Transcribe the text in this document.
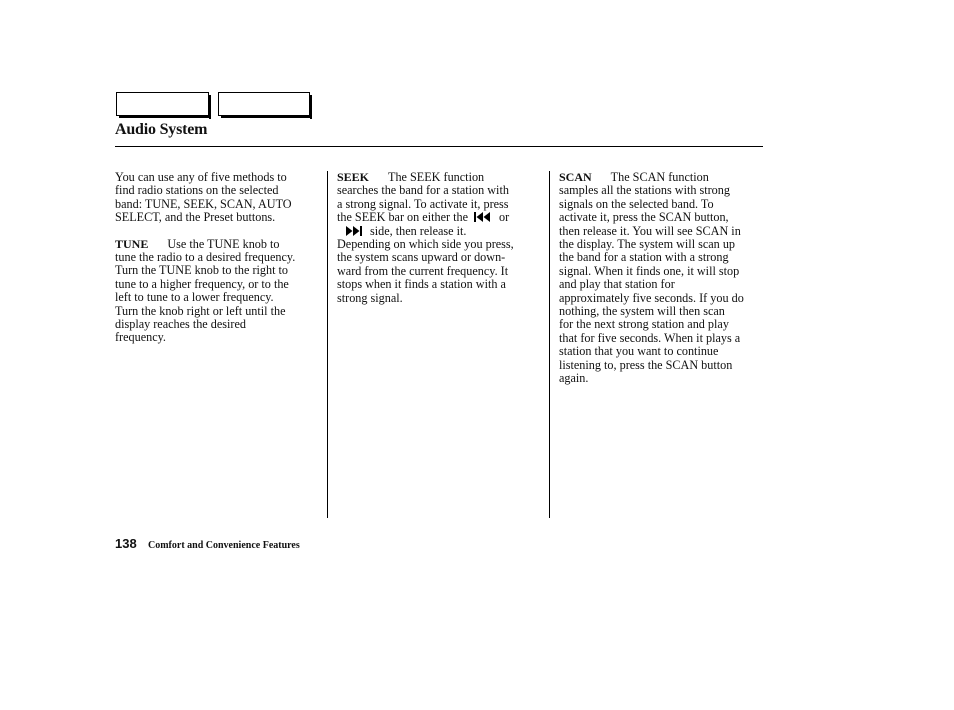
Audio System
You can use any of five methods to
find radio stations on the selected
band: TUNE, SEEK, SCAN, AUTO
SELECT, and the Preset buttons.
TUNE Use the TUNE knob to
tune the radio to a desired frequency.
Turn the TUNE knob to the right to
tune to a higher frequency, or to the
left to tune to a lower frequency.
Turn the knob right or left until the
display reaches the desired
frequency.
SEEK The SEEK function
searches the band for a station with
a strong signal. To activate it, press
the SEEK bar on either the	or
side, then release it.
Depending on which side you press,
the system scans upward or down-
ward from the current frequency. It
stops when it finds a station with a
strong signal.
SCAN The SCAN function
samples all the stations with strong
signals on the selected band. To
activate it, press the SCAN button,
then release it. You will see SCAN in
the display. The system will scan up
the band for a station with a strong
signal. When it finds one, it will stop
and play that station for
approximately five seconds. If you do
nothing, the system will then scan
for the next strong station and play
that for five seconds. When it plays a
station that you want to continue
listening to, press the SCAN button
again.
138 Comfort and Convenience Features
